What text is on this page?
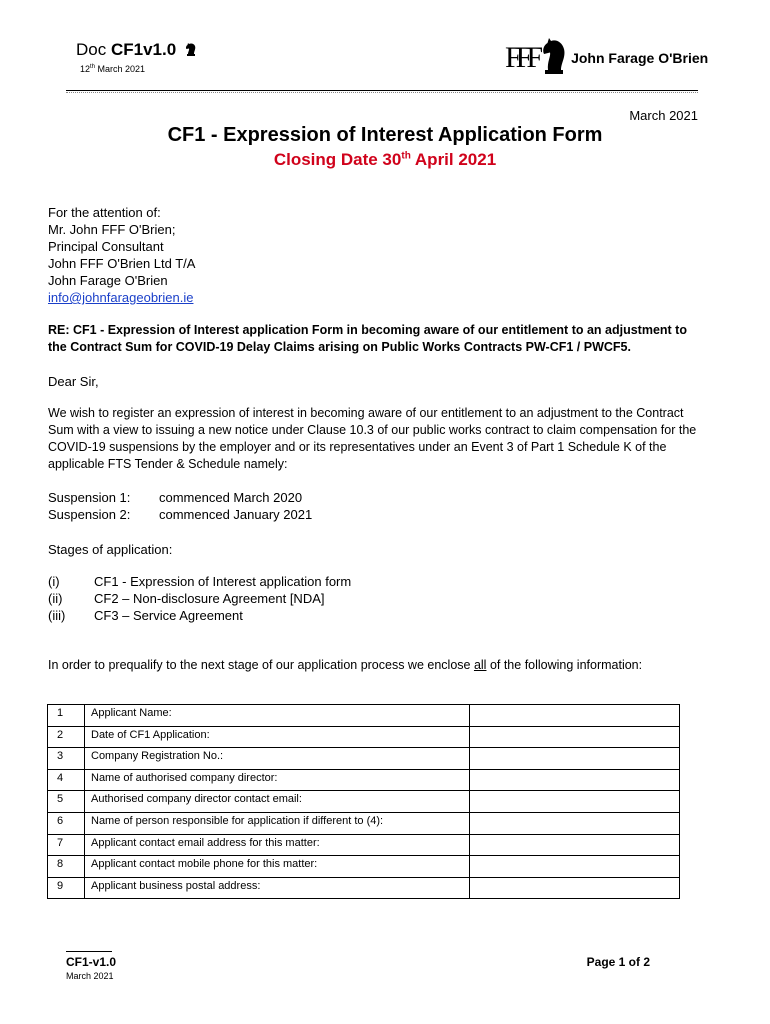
Doc CF1v1.0
12th March 2021	FFF John Farage O'Brien
March 2021
CF1 - Expression of Interest Application Form
Closing Date 30th April 2021
For the attention of:
Mr. John FFF O'Brien;
Principal Consultant
John FFF O'Brien Ltd T/A
John Farage O'Brien
info@johnfarageobrien.ie
RE: CF1 - Expression of Interest application Form in becoming aware of our entitlement to an adjustment to the Contract Sum for COVID-19 Delay Claims arising on Public Works Contracts PW-CF1 / PWCF5.
Dear Sir,
We wish to register an expression of interest in becoming aware of our entitlement to an adjustment to the Contract Sum with a view to issuing a new notice under Clause 10.3 of our public works contract to claim compensation for the COVID-19 suspensions by the employer and or its representatives under an Event 3 of Part 1 Schedule K of the applicable FTS Tender & Schedule namely:
Suspension 1:	commenced March 2020
Suspension 2:	commenced January 2021
Stages of application:
(i)	CF1 - Expression of Interest application form
(ii)	CF2 – Non-disclosure Agreement [NDA]
(iii)	CF3 – Service Agreement
In order to prequalify to the next stage of our application process we enclose all of the following information:
1	Applicant Name:	
2	Date of CF1 Application:	
3	Company Registration No.:	
4	Name of authorised company director:	
5	Authorised company director contact email:	
6	Name of person responsible for application if different to (4):	
7	Applicant contact email address for this matter:	
8	Applicant contact mobile phone for this matter:	
9	Applicant business postal address:	
CF1-v1.0
March 2021
Page 1 of 2
